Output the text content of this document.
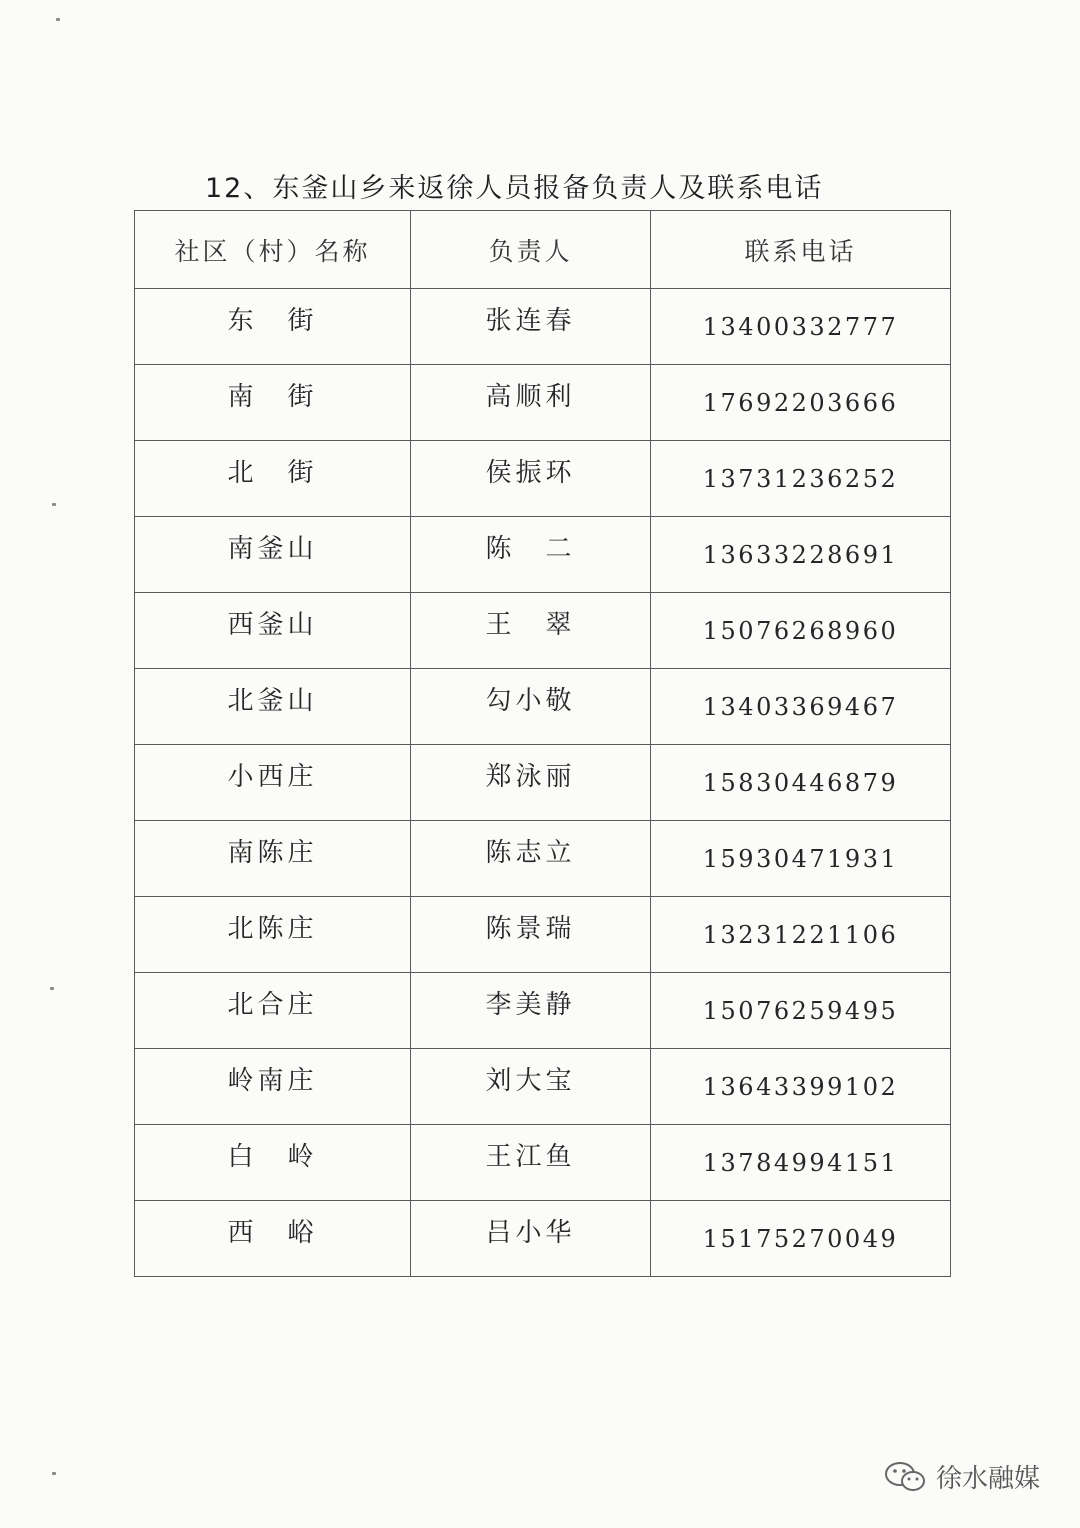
12、东釜山乡来返徐人员报备负责人及联系电话
社区（村）名称	负责人	联系电话
东　街	张连春	13400332777
南　街	高顺利	17692203666
北　街	侯振环	13731236252
南釜山	陈　二	13633228691
西釜山	王　翠	15076268960
北釜山	勾小敬	13403369467
小西庄	郑泳丽	15830446879
南陈庄	陈志立	15930471931
北陈庄	陈景瑞	13231221106
北合庄	李美静	15076259495
岭南庄	刘大宝	13643399102
白　岭	王江鱼	13784994151
西　峪	吕小华	15175270049
徐水融媒
